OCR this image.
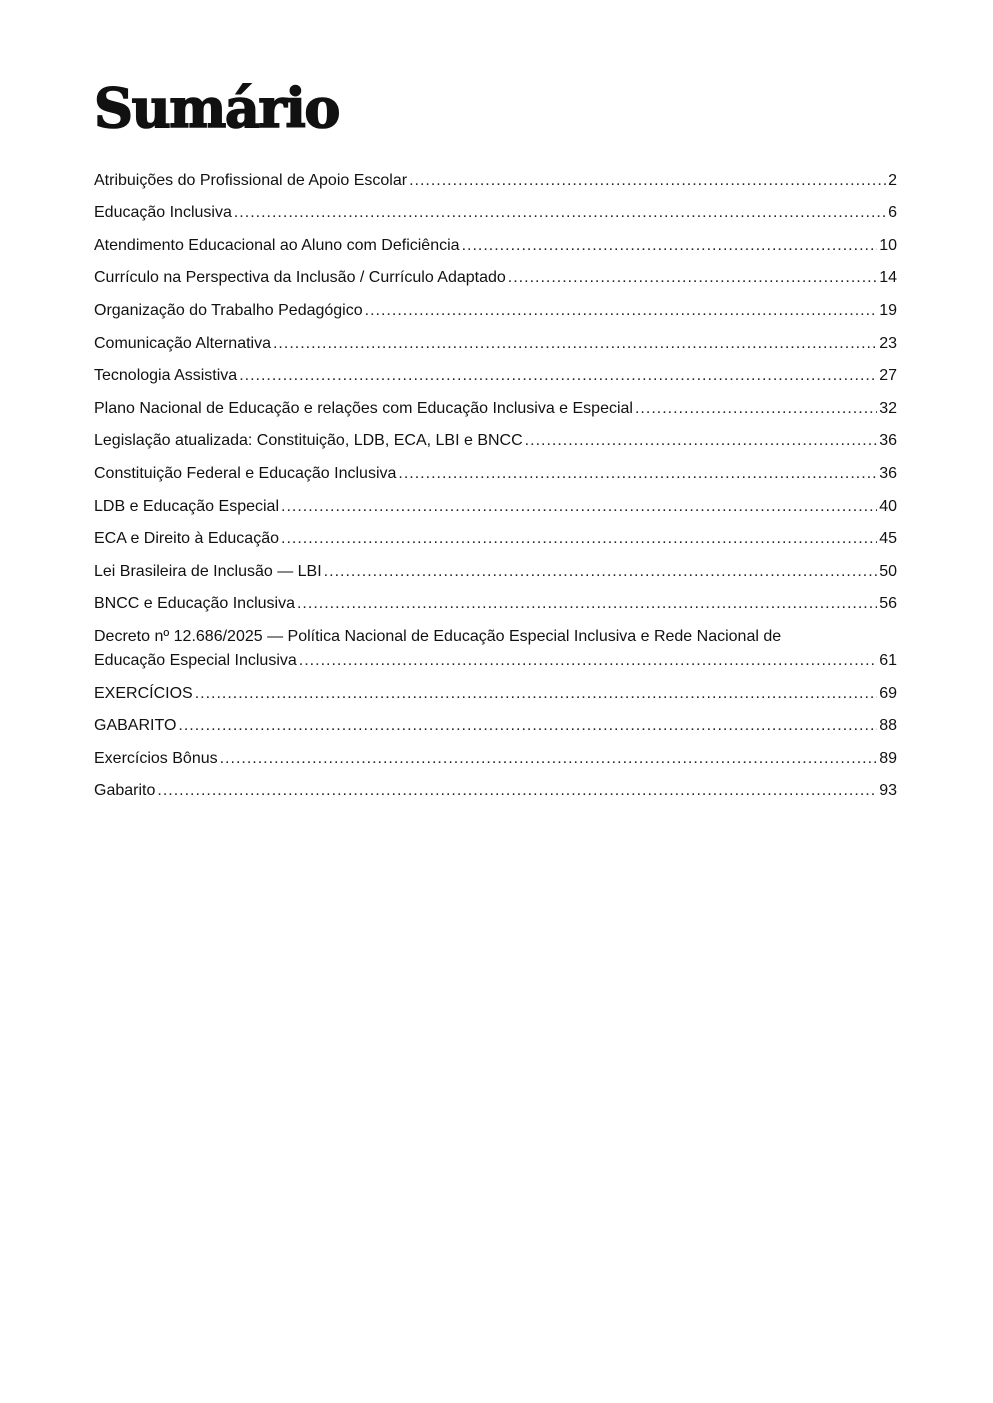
Sumário
Atribuições do Profissional de Apoio Escolar .....	2
Educação Inclusiva .....	6
Atendimento Educacional ao Aluno com Deficiência .....	10
Currículo na Perspectiva da Inclusão / Currículo Adaptado .....	14
Organização do Trabalho Pedagógico .....	19
Comunicação Alternativa .....	23
Tecnologia Assistiva .....	27
Plano Nacional de Educação e relações com Educação Inclusiva e Especial .....	32
Legislação atualizada: Constituição, LDB, ECA, LBI e BNCC .....	36
Constituição Federal e Educação Inclusiva .....	36
LDB e Educação Especial .....	40
ECA e Direito à Educação .....	45
Lei Brasileira de Inclusão — LBI .....	50
BNCC e Educação Inclusiva .....	56
Decreto nº 12.686/2025 — Política Nacional de Educação Especial Inclusiva e Rede Nacional de
Educação Especial Inclusiva .....	61
EXERCÍCIOS .....	69
GABARITO .....	88
Exercícios Bônus .....	89
Gabarito .....	93
